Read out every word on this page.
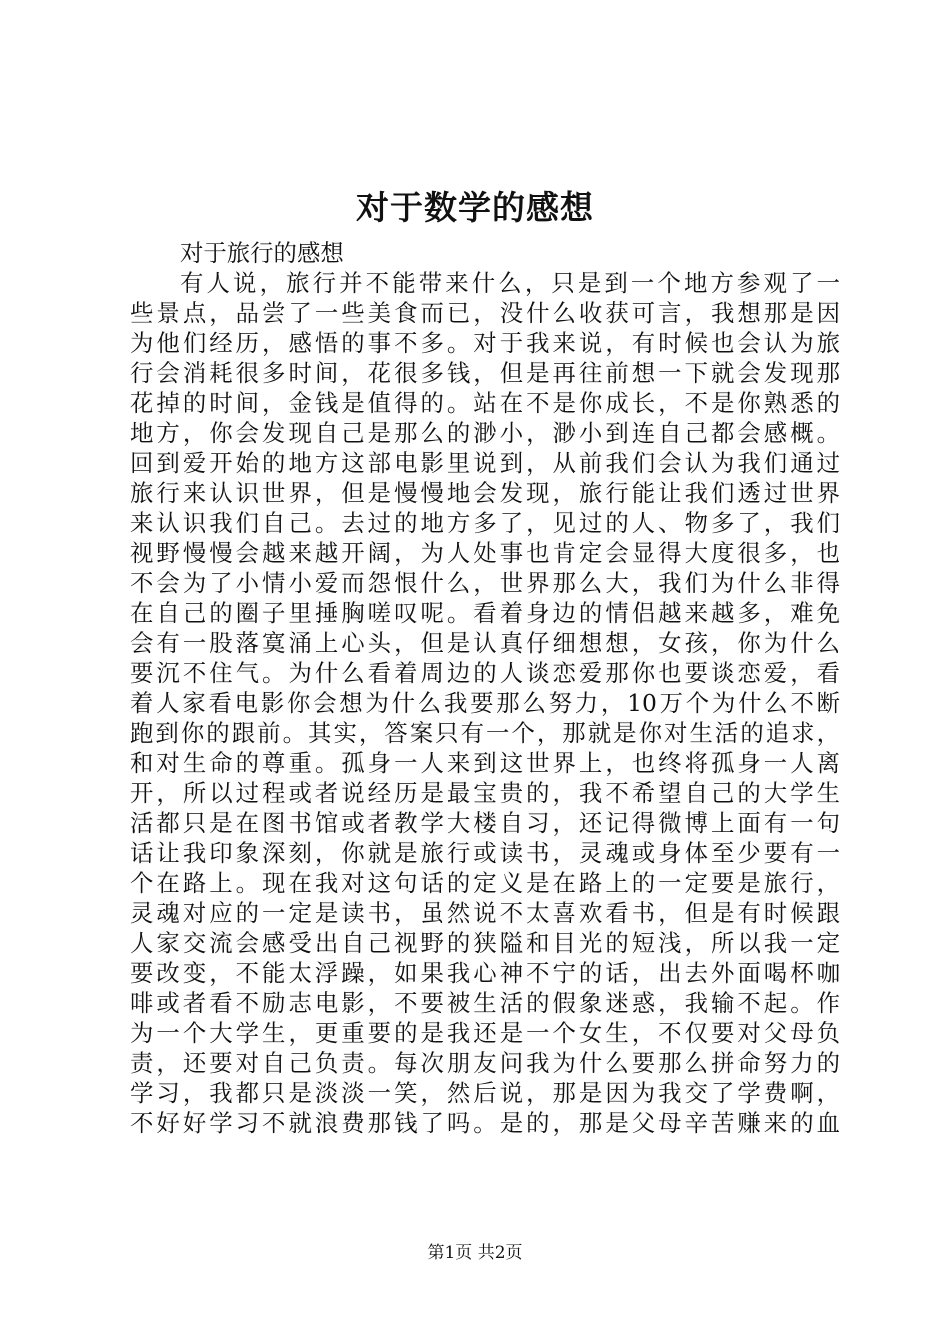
对于数学的感想

对于旅行的感想

有人说，旅行并不能带来什么，只是到一个地方参观了一
些景点，品尝了一些美食而已，没什么收获可言，我想那是因
为他们经历，感悟的事不多。对于我来说，有时候也会认为旅
行会消耗很多时间，花很多钱，但是再往前想一下就会发现那
花掉的时间，金钱是值得的。站在不是你成长，不是你熟悉的
地方，你会发现自己是那么的渺小，渺小到连自己都会感概。
回到爱开始的地方这部电影里说到，从前我们会认为我们通过
旅行来认识世界，但是慢慢地会发现，旅行能让我们透过世界
来认识我们自己。去过的地方多了，见过的人、物多了，我们
视野慢慢会越来越开阔，为人处事也肯定会显得大度很多，也
不会为了小情小爱而怨恨什么，世界那么大，我们为什么非得
在自己的圈子里捶胸嗟叹呢。看着身边的情侣越来越多，难免
会有一股落寞涌上心头，但是认真仔细想想，女孩，你为什么
要沉不住气。为什么看着周边的人谈恋爱那你也要谈恋爱，看
着人家看电影你会想为什么我要那么努力，10万个为什么不断
跑到你的跟前。其实，答案只有一个，那就是你对生活的追求，
和对生命的尊重。孤身一人来到这世界上，也终将孤身一人离
开，所以过程或者说经历是最宝贵的，我不希望自己的大学生
活都只是在图书馆或者教学大楼自习，还记得微博上面有一句
话让我印象深刻，你就是旅行或读书，灵魂或身体至少要有一
个在路上。现在我对这句话的定义是在路上的一定要是旅行，
灵魂对应的一定是读书，虽然说不太喜欢看书，但是有时候跟
人家交流会感受出自己视野的狭隘和目光的短浅，所以我一定
要改变，不能太浮躁，如果我心神不宁的话，出去外面喝杯咖
啡或者看不励志电影，不要被生活的假象迷惑，我输不起。作
为一个大学生，更重要的是我还是一个女生，不仅要对父母负
责，还要对自己负责。每次朋友问我为什么要那么拼命努力的
学习，我都只是淡淡一笑，然后说，那是因为我交了学费啊，
不好好学习不就浪费那钱了吗。是的，那是父母辛苦赚来的血
第1页 共2页
